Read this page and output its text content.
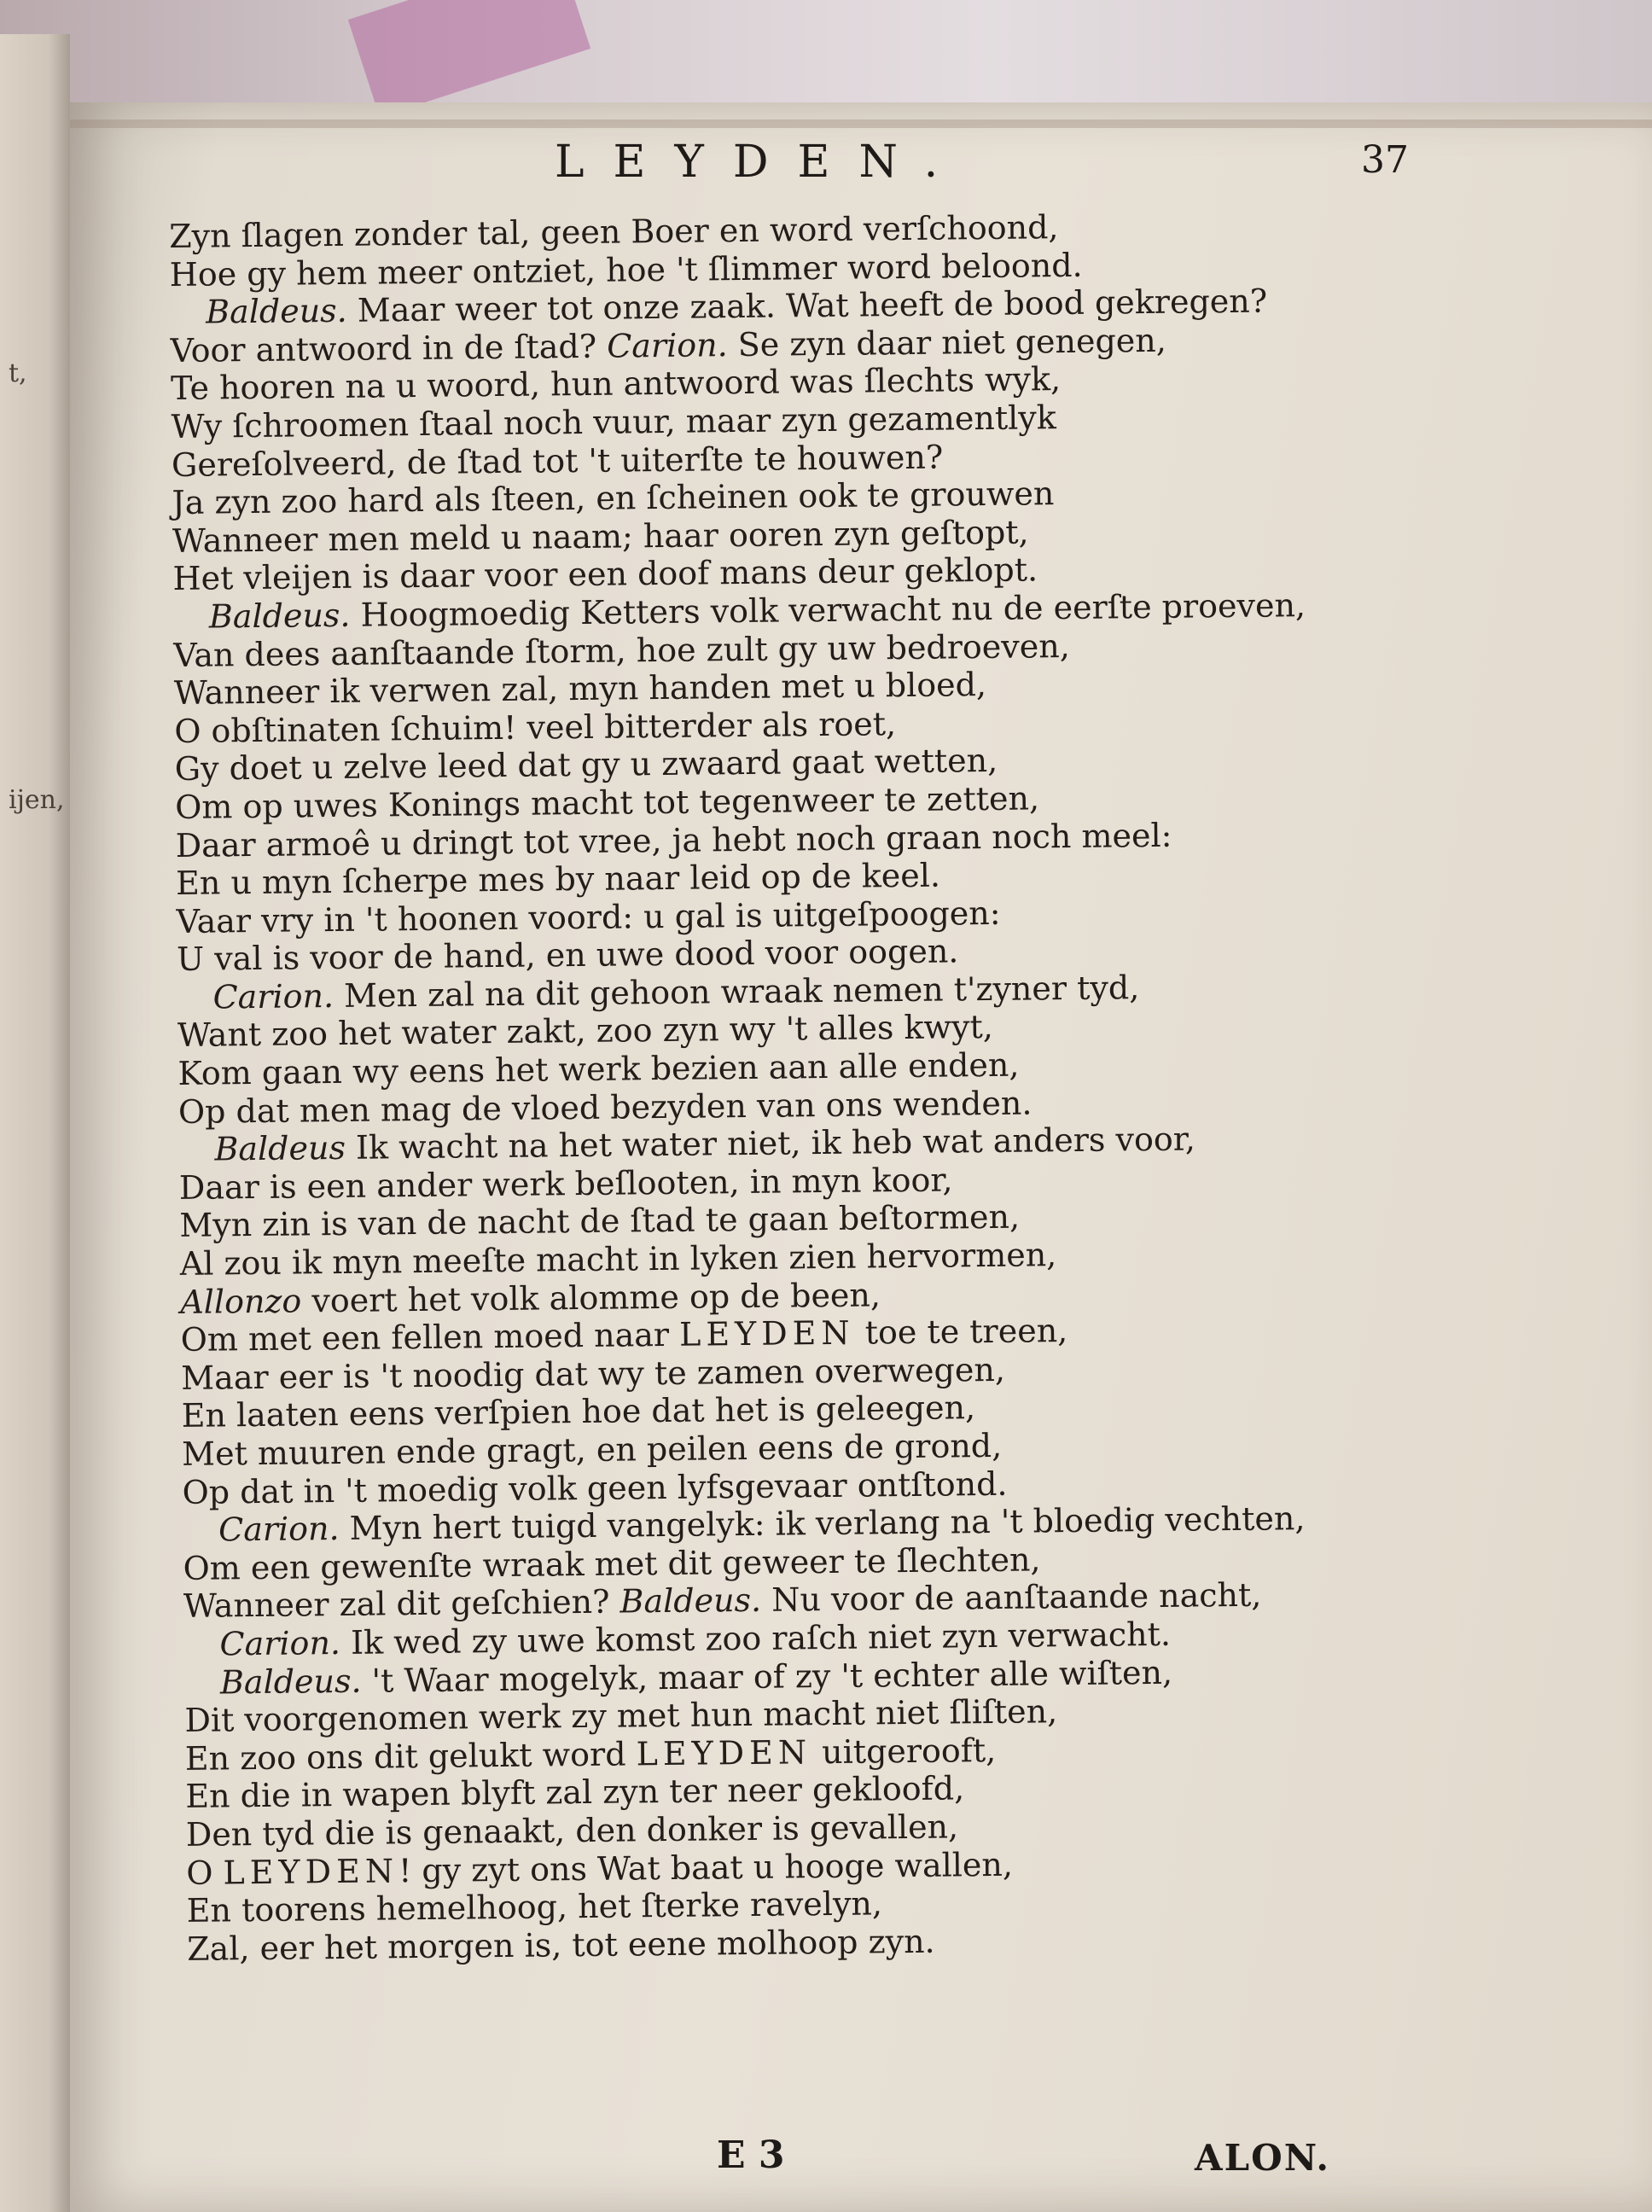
t,
ijen,
LEYDEN.	37
Zyn ſlagen zonder tal, geen Boer en word verſchoond,
Hoe gy hem meer ontziet, hoe 't ſlimmer word beloond.
Baldeus. Maar weer tot onze zaak. Wat heeft de bood gekregen?
Voor antwoord in de ſtad? Carion. Se zyn daar niet genegen,
Te hooren na u woord, hun antwoord was ſlechts wyk,
Wy ſchroomen ſtaal noch vuur, maar zyn gezamentlyk
Gereſolveerd, de ſtad tot 't uiterſte te houwen?
Ja zyn zoo hard als ſteen, en ſcheinen ook te grouwen
Wanneer men meld u naam; haar ooren zyn geſtopt,
Het vleijen is daar voor een doof mans deur geklopt.
Baldeus. Hoogmoedig Ketters volk verwacht nu de eerſte proeven,
Van dees aanſtaande ſtorm, hoe zult gy uw bedroeven,
Wanneer ik verwen zal, myn handen met u bloed,
O obſtinaten ſchuim! veel bitterder als roet,
Gy doet u zelve leed dat gy u zwaard gaat wetten,
Om op uwes Konings macht tot tegenweer te zetten,
Daar armoê u dringt tot vree, ja hebt noch graan noch meel:
En u myn ſcherpe mes by naar leid op de keel.
Vaar vry in 't hoonen voord: u gal is uitgeſpoogen:
U val is voor de hand, en uwe dood voor oogen.
Carion. Men zal na dit gehoon wraak nemen t'zyner tyd,
Want zoo het water zakt, zoo zyn wy 't alles kwyt,
Kom gaan wy eens het werk bezien aan alle enden,
Op dat men mag de vloed bezyden van ons wenden.
Baldeus Ik wacht na het water niet, ik heb wat anders voor,
Daar is een ander werk beſlooten, in myn koor,
Myn zin is van de nacht de ſtad te gaan beſtormen,
Al zou ik myn meeſte macht in lyken zien hervormen,
Allonzo voert het volk alomme op de been,
Om met een fellen moed naar LEYDEN toe te treen,
Maar eer is 't noodig dat wy te zamen overwegen,
En laaten eens verſpien hoe dat het is geleegen,
Met muuren ende gragt, en peilen eens de grond,
Op dat in 't moedig volk geen lyfsgevaar ontſtond.
Carion. Myn hert tuigd vangelyk: ik verlang na 't bloedig vechten,
Om een gewenſte wraak met dit geweer te ſlechten,
Wanneer zal dit geſchien? Baldeus. Nu voor de aanſtaande nacht,
Carion. Ik wed zy uwe komst zoo raſch niet zyn verwacht.
Baldeus. 't Waar mogelyk, maar of zy 't echter alle wiſten,
Dit voorgenomen werk zy met hun macht niet ſliſten,
En zoo ons dit gelukt word LEYDEN uitgerooft,
En die in wapen blyft zal zyn ter neer gekloofd,
Den tyd die is genaakt, den donker is gevallen,
O LEYDEN! gy zyt ons Wat baat u hooge wallen,
En toorens hemelhoog, het ſterke ravelyn,
Zal, eer het morgen is, tot eene molhoop zyn.
E 3	ALON.
